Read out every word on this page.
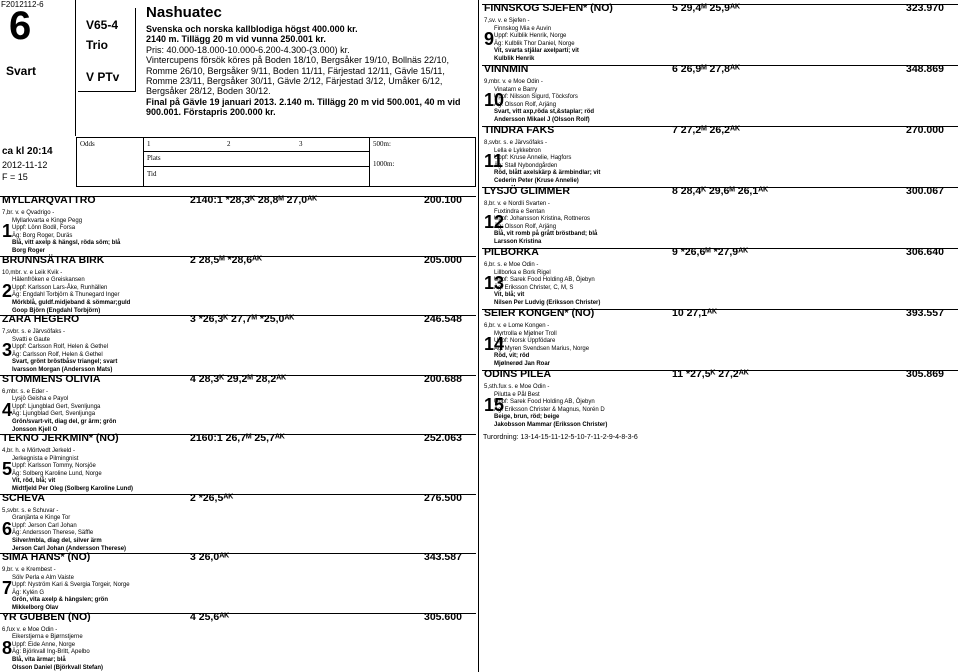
F2012112-6
6
Svart
V65-4
Trio
V PTv
ca kl 20:14
2012-11-12
F = 15
Nashuatec
Svenska och norska kallblodiga högst 400.000 kr.
2140 m. Tillägg 20 m vid vunna 250.001 kr.
Pris: 40.000-18.000-10.000-6.200-4.300-(3.000) kr.
Vintercupens försök köres på Boden 18/10, Bergsåker 19/10, Bollnäs 22/10, Romme 26/10, Bergsåker 9/11, Boden 11/11, Färjestad 12/11, Gävle 15/11, Romme 23/11, Bergsåker 30/11, Gävle 2/12, Färjestad 3/12, Umåker 6/12, Bergsåker 28/12, Boden 30/12.
Final på Gävle 19 januari 2013. 2.140 m. Tillägg 20 m vid 500.001, 40 m vid 900.001. Förstapris 200.000 kr.
Odds	1	2	3	500m:
Plats
1000m:
Tid
MYLLARQVATTRO	2140:1 *28,3ᴷ 28,8ᴹ 27,0ᴬᴷ	200.100
1
7,br. v. e Qvadrigo -
Myllarkvarta e Kinge Pegg
Uppf: Lönn Bodil, Forsa
Äg: Borg Roger, Duräs
Blå, vitt axelp & hängsl, röda söm; blå
Borg Roger
BRUNNSÄTRA BIRK	2 28,5ᴹ *28,6ᴬᴷ	205.000
2
10,mbr. v. e Leik Kvik -
Hälenfröken e Greiskansen
Uppf: Karlsson Lars-Åke, Runhällen
Äg: Engdahl Torbjörn & Thunegard Inger
Mörkblå, guldf.midjeband & sömmar;guld
Goop Björn (Engdahl Torbjörn)
ZARA HEGERO	3 *26,3ᴷ 27,7ᴹ *25,0ᴬᴷ	246.548
3
7,svbr. s. e Järvsöfaks -
Svatti e Gaute
Uppf: Carlsson Rolf, Helen & Gethel
Äg: Carlsson Rolf, Helen & Gethel
Svart, grönt bröstbåsv triangel; svart
Ivarsson Morgan (Andersson Mats)
STOMMENS OLIVIA	4 28,3ᴷ 29,2ᴹ 28,2ᴬᴷ	200.688
4
6,mbr. s. e Eder -
Lysjö Geisha e Payol
Uppf: Ljungblad Gert, Svenljunga
Äg: Ljungblad Gert, Svenljunga
Grön/svart-vit, diag del, gr ärm; grön
Jonsson Kjell O
TEKNO JERKMIN* (NO)	2160:1 26,7ᴹ 25,7ᴬᴷ	252.063
5
4,br. h. e Mörtvedt Jerkeld -
Jerkegnista e Pilmingnist
Uppf: Karlsson Tommy, Norsjöe
Äg: Solberg Karoline Lund, Norge
Vit, röd, blå; vit
Midtfjeld Per Oleg (Solberg Karoline Lund)
SCHEVA	2 *26,5ᴬᴷ	276.500
6
5,svbr. s. e Schuvar -
Granjänta e Kinge Tor
Uppf: Jerson Carl Johan
Äg: Andersson Therese, Säffle
Silver/mbla, diag del, silver ärm
Jerson Carl Johan (Andersson Therese)
SIMA HANS* (NO)	3 26,0ᴬᴷ	343.587
7
9,br. v. e Krembest -
Sölv Perla e Alm Vaiste
Uppf: Nyström Kari & Svergia Torgeir, Norge
Äg: Kylén G
Grön, vita axelp & hängslen; grön
Mikkelborg Olav
YR GUBBEN (NO)	4 25,6ᴬᴷ	305.600
8
6,fux v. e Moe Odin -
Eikerstjerna e Bjørnstjerne
Uppf: Eide Anne, Norge
Äg: Björkvall Ing-Britt, Apelbo
Blå, vita ärmar; blå
Olsson Daniel (Björkvall Stefan)
FINNSKOG SJEFEN* (NO)	5 29,4ᴹ 25,9ᴬᴷ	323.970
9
7,sv. v. e Sjefen -
Finnskog Mia e Auvin
Uppf: Kulblik Henrik, Norge
Äg: Kulblik Thor Daniel, Norge
Vit, svarta stjälar axelparti; vit
Kulblik Henrik
VINNMIN	6 26,9ᴹ 27,8ᴬᴷ	348.869
10
9,mbr. v. e Moe Odin -
Vinatarn e Barry
Uppf: Nilsson Sigurd, Töcksfors
Äg: Olsson Rolf, Arjäng
Svart, vitt axp,röda st,&staplar; röd
Andersson Mikael J (Olsson Rolf)
TINDRA FAKS	7 27,2ᴹ 26,2ᴬᴷ	270.000
11
8,svbr. s. e Järvsöfaks -
Lella e Lykkebron
Uppf: Kruse Annelie, Hagfors
Äg: Stall Nybondgården
Röd, blått axelskärp & ärmbindlar; vit
Cederin Peter (Kruse Annelie)
LYSJÖ GLIMMER	8 28,4ᴷ 29,6ᴹ 26,1ᴬᴷ	300.067
12
8,br. v. e Nordli Svarten -
Fuxtindra e Sentan
Uppf: Johansson Kristina, Rottneros
Äg: Olsson Rolf, Arjäng
Blå, vit romb på grått bröstband; blå
Larsson Kristina
PILBORKA	9 *26,6ᴹ *27,9ᴬᴷ	306.640
13
6,br. s. e Moe Odin -
Lillborka e Bork Rigel
Uppf: Sarek Food Holding AB, Öjebyn
Äg: Eriksson Christer, C, M, S
Vit, blå; vit
Nilsen Per Ludvig (Eriksson Christer)
SEIER KONGEN* (NO)	10 27,1ᴬᴷ	393.557
14
6,br. v. e Lome Kongen -
Myrtrolla e Mjølner Troll
Uppf: Norsk Uppfödare
Äg: Myren Svendsen Marius, Norge
Röd, vit; röd
Mjølnerød Jan Roar
ODINS PILEA	11 *27,5ᴷ 27,2ᴬᴷ	305.869
15
5,sth.fux s. e Moe Odin -
Piluttа e Pål Best
Uppf: Sarek Food Holding AB, Öjebyn
Äg: Eriksson Christer & Magnus, Norén D
Beige, brun, röd; beige
Jakobsson Mammar (Eriksson Christer)
Turordning: 13-14-15-11-12-5-10-7-11-2-9-4-8-3-6
